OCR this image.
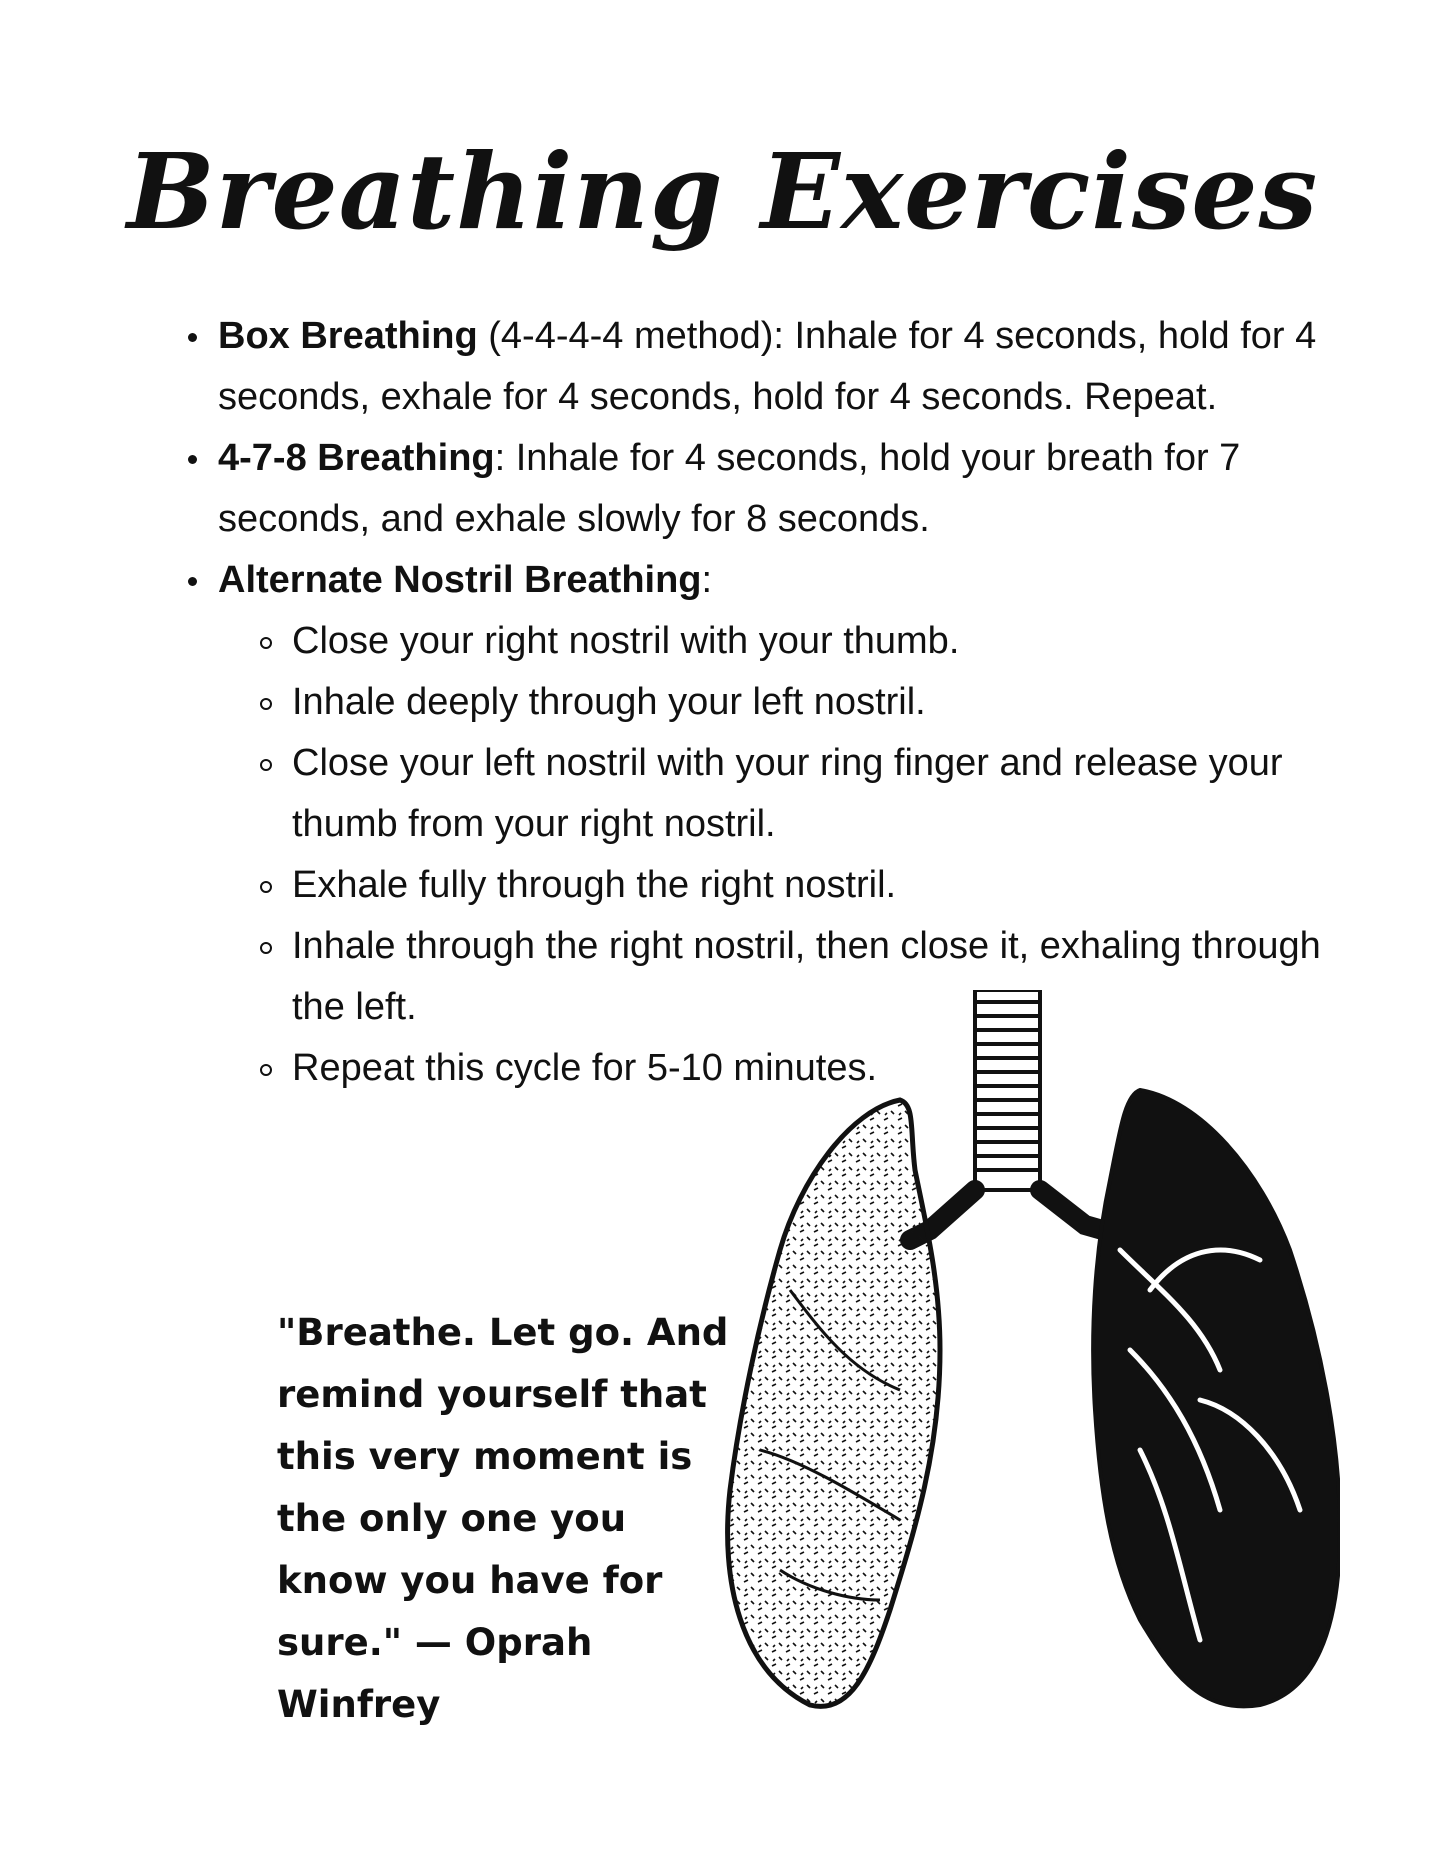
Breathing Exercises
Box Breathing (4-4-4-4 method): Inhale for 4 seconds, hold for 4 seconds, exhale for 4 seconds, hold for 4 seconds. Repeat.
4-7-8 Breathing: Inhale for 4 seconds, hold your breath for 7 seconds, and exhale slowly for 8 seconds.
Alternate Nostril Breathing:
Close your right nostril with your thumb.
Inhale deeply through your left nostril.
Close your left nostril with your ring finger and release your thumb from your right nostril.
Exhale fully through the right nostril.
Inhale through the right nostril, then close it, exhaling through the left.
Repeat this cycle for 5-10 minutes.
"Breathe. Let go. And remind yourself that this very moment is the only one you know you have for sure." — Oprah Winfrey
